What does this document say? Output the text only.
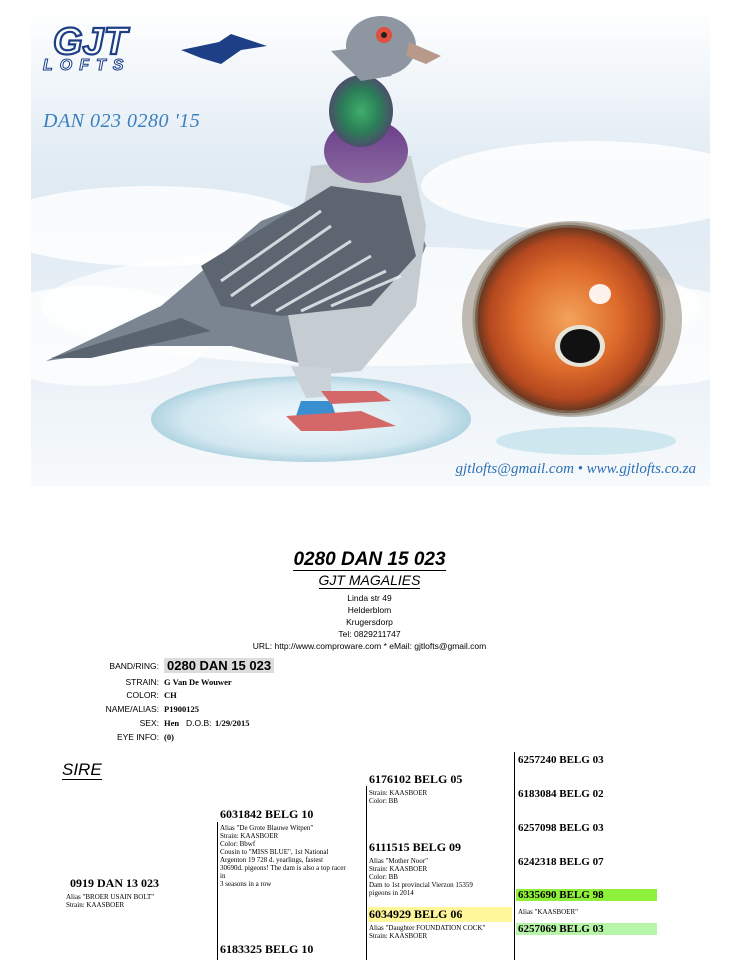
GJT
LOFTS
DAN 023 0280 '15
gjtlofts@gmail.com • www.gjtlofts.co.za
0280 DAN 15 023
GJT MAGALIES
Linda str 49
Helderblom
Krugersdorp
Tel: 0829211747
URL: http://www.comproware.com * eMail: gjtlofts@gmail.com
BAND/RING: 0280 DAN 15 023
STRAIN: G Van De Wouwer
COLOR: CH
NAME/ALIAS: P1900125
SEX: Hen D.O.B: 1/29/2015
EYE INFO: (0)
SIRE
0919 DAN 13 023
Alias "BROER USAIN BOLT"
Strain: KAASBOER
6031842 BELG 10
Alias "De Grote Blauwe Witpen"
Strain: KAASBOER
Color: Bbwf
Cousin to "MISS BLUE", 1st National
Argenton 19 728 d. yearlings, fastest
30690d. pigeons! The dam is also a top racer
in
3 seasons in a row
6183325 BELG 10
6176102 BELG 05
Strain: KAASBOER
Color: BB
6111515 BELG 09
Alias "Mother Noor"
Strain: KAASBOER
Color: BB
Dam to 1st provincial Vierzon 15359
pigeons in 2014
6034929 BELG 06
Alias "Daughter FOUNDATION COCK"
Strain: KAASBOER
6257240 BELG 03
6183084 BELG 02
6257098 BELG 03
6242318 BELG 07
6335690 BELG 98
Alias "KAASBOER"
6257069 BELG 03
